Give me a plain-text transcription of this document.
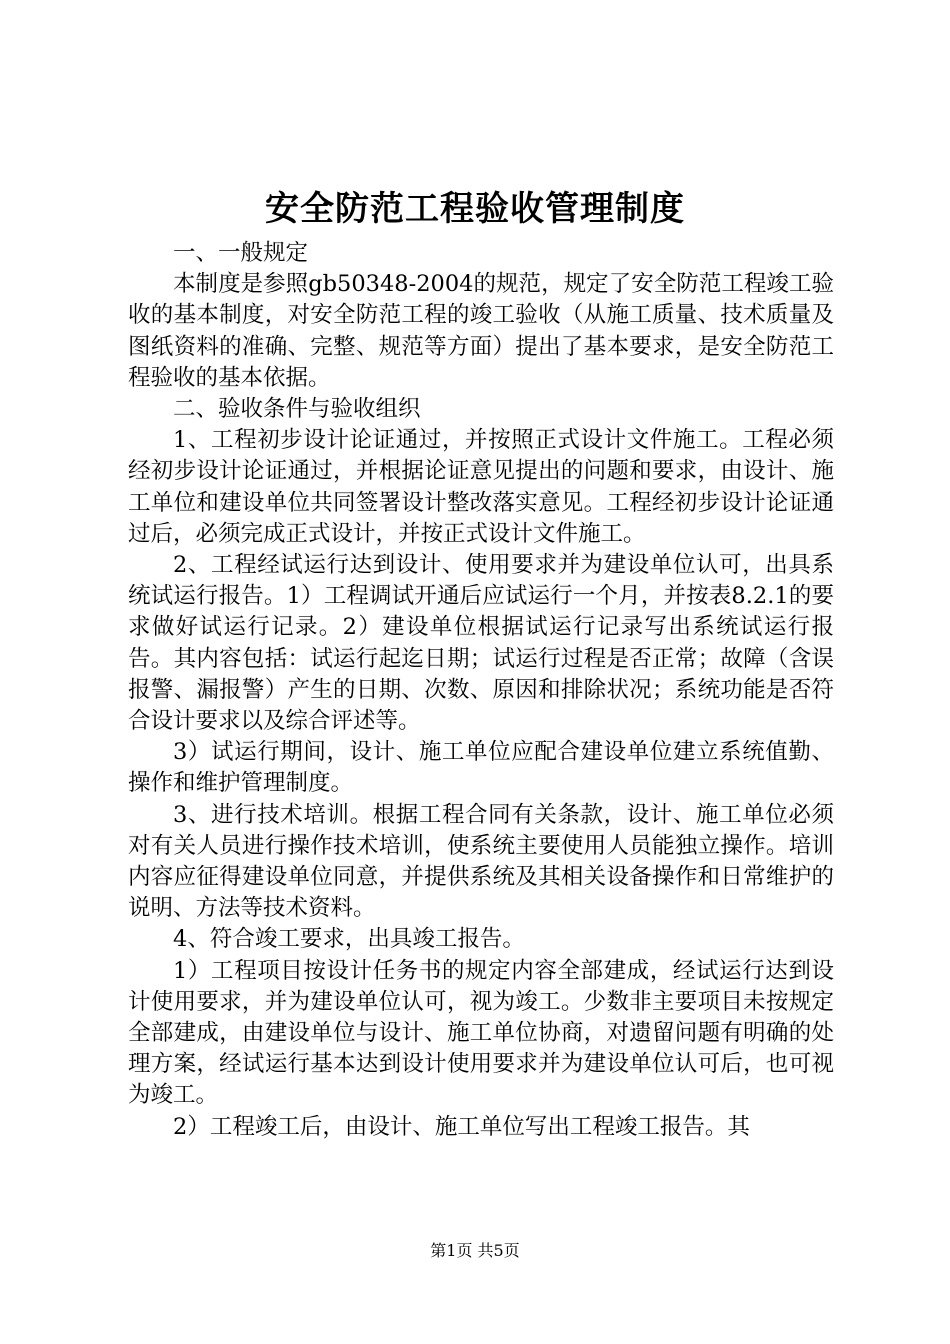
安全防范工程验收管理制度

一、一般规定

本制度是参照gb50348-2004的规范，规定了安全防范工程竣工验收的基本制度，对安全防范工程的竣工验收（从施工质量、技术质量及图纸资料的准确、完整、规范等方面）提出了基本要求，是安全防范工程验收的基本依据。

二、验收条件与验收组织

1、工程初步设计论证通过，并按照正式设计文件施工。工程必须经初步设计论证通过，并根据论证意见提出的问题和要求，由设计、施工单位和建设单位共同签署设计整改落实意见。工程经初步设计论证通过后，必须完成正式设计，并按正式设计文件施工。

2、工程经试运行达到设计、使用要求并为建设单位认可，出具系统试运行报告。1）工程调试开通后应试运行一个月，并按表8.2.1的要求做好试运行记录。2）建设单位根据试运行记录写出系统试运行报告。其内容包括：试运行起迄日期；试运行过程是否正常；故障（含误报警、漏报警）产生的日期、次数、原因和排除状况；系统功能是否符合设计要求以及综合评述等。

3）试运行期间，设计、施工单位应配合建设单位建立系统值勤、操作和维护管理制度。

3、进行技术培训。根据工程合同有关条款，设计、施工单位必须对有关人员进行操作技术培训，使系统主要使用人员能独立操作。培训内容应征得建设单位同意，并提供系统及其相关设备操作和日常维护的说明、方法等技术资料。

4、符合竣工要求，出具竣工报告。

1）工程项目按设计任务书的规定内容全部建成，经试运行达到设计使用要求，并为建设单位认可，视为竣工。少数非主要项目未按规定全部建成，由建设单位与设计、施工单位协商，对遗留问题有明确的处理方案，经试运行基本达到设计使用要求并为建设单位认可后，也可视为竣工。

2）工程竣工后，由设计、施工单位写出工程竣工报告。其

第1页 共5页
